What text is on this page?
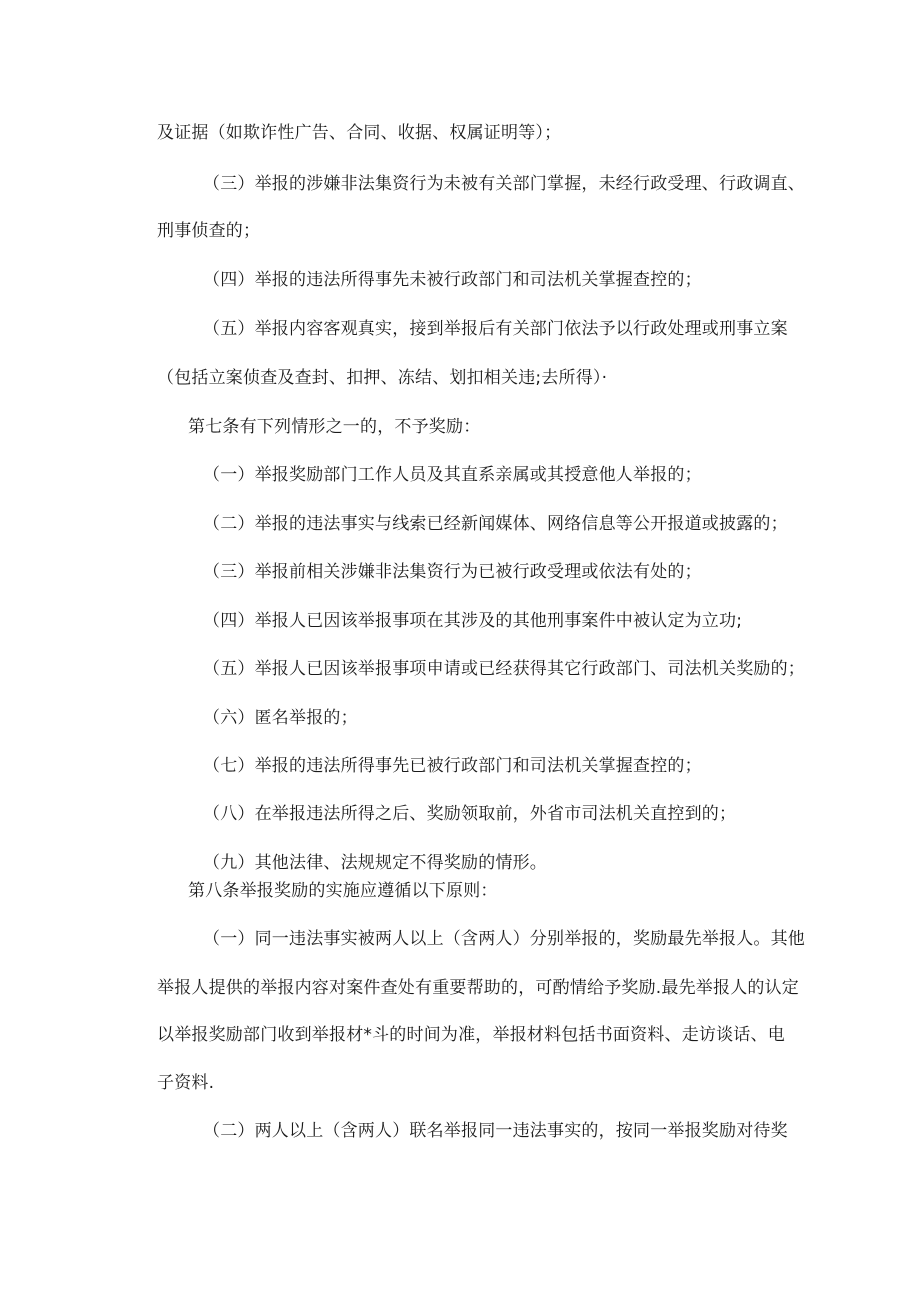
及证据（如欺诈性广告、合同、收据、权属证明等）；
（三）举报的涉嫌非法集资行为未被有关部门掌握，未经行政受理、行政调直、
刑事侦查的；
（四）举报的违法所得事先未被行政部门和司法机关掌握查控的；
（五）举报内容客观真实，接到举报后有关部门依法予以行政处理或刑事立案
（包括立案侦查及查封、扣押、冻结、划扣相关违;去所得）·
第七条有下列情形之一的，不予奖励：
（一）举报奖励部门工作人员及其直系亲属或其授意他人举报的；
（二）举报的违法事实与线索已经新闻媒体、网络信息等公开报道或披露的；
（三）举报前相关涉嫌非法集资行为已被行政受理或依法有处的；
（四）举报人已因该举报事项在其涉及的其他刑事案件中被认定为立功;
（五）举报人已因该举报事项申请或已经获得其它行政部门、司法机关奖励的；
（六）匿名举报的；
（七）举报的违法所得事先已被行政部门和司法机关掌握查控的；
（八）在举报违法所得之后、奖励领取前，外省市司法机关直控到的；
（九）其他法律、法规规定不得奖励的情形。
第八条举报奖励的实施应遵循以下原则：
（一）同一违法事实被两人以上（含两人）分别举报的，奖励最先举报人。其他
举报人提供的举报内容对案件查处有重要帮助的，可酌情给予奖励.最先举报人的认定
以举报奖励部门收到举报材*斗的时间为准，举报材料包括书面资料、走访谈话、电
子资料.
（二）两人以上（含两人）联名举报同一违法事实的，按同一举报奖励对待奖
